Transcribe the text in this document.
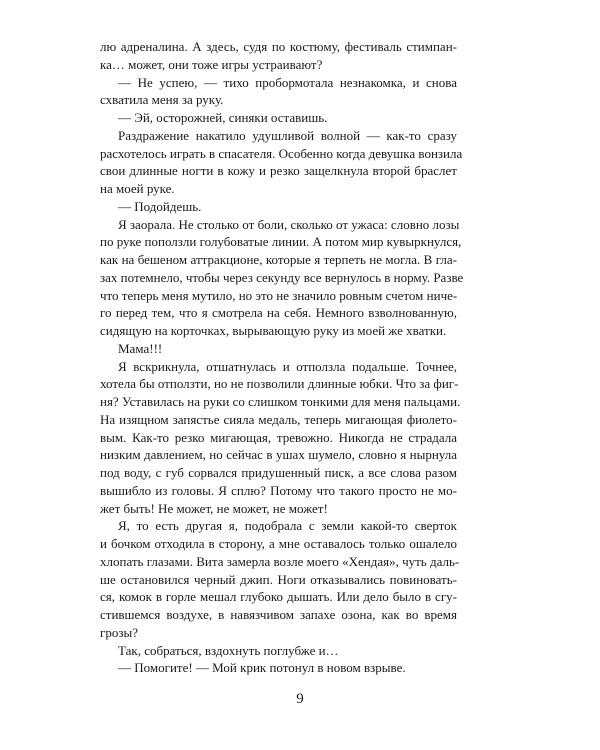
лю адреналина. А здесь, судя по костюму, фестиваль стимпан-
ка… может, они тоже игры устраивают?
— Не успею, — тихо пробормотала незнакомка, и снова
схватила меня за руку.
— Эй, осторожней, синяки оставишь.
Раздражение накатило удушливой волной — как-то сразу
расхотелось играть в спасателя. Особенно когда девушка вонзила
свои длинные ногти в кожу и резко защелкнула второй браслет
на моей руке.
— Подойдешь.
Я заорала. Не столько от боли, сколько от ужаса: словно лозы
по руке поползли голубоватые линии. А потом мир кувыркнулся,
как на бешеном аттракционе, которые я терпеть не могла. В гла-
зах потемнело, чтобы через секунду все вернулось в норму. Разве
что теперь меня мутило, но это не значило ровным счетом ниче-
го перед тем, что я смотрела на себя. Немного взволнованную,
сидящую на корточках, вырывающую руку из моей же хватки.
Мама!!!
Я вскрикнула, отшатнулась и отползла подальше. Точнее,
хотела бы отползти, но не позволили длинные юбки. Что за фиг-
ня? Уставилась на руки со слишком тонкими для меня пальцами.
На изящном запястье сияла медаль, теперь мигающая фиолето-
вым. Как-то резко мигающая, тревожно. Никогда не страдала
низким давлением, но сейчас в ушах шумело, словно я нырнула
под воду, с губ сорвался придушенный писк, а все слова разом
вышибло из головы. Я сплю? Потому что такого просто не мо-
жет быть! Не может, не может, не может!
Я, то есть другая я, подобрала с земли какой-то сверток
и бочком отходила в сторону, а мне оставалось только ошалело
хлопать глазами. Вита замерла возле моего «Хендая», чуть даль-
ше остановился черный джип. Ноги отказывались повиновать-
ся, комок в горле мешал глубоко дышать. Или дело было в сгу-
стившемся воздухе, в навязчивом запахе озона, как во время
грозы?
Так, собраться, вздохнуть поглубже и…
— Помогите! — Мой крик потонул в новом взрыве.
9
